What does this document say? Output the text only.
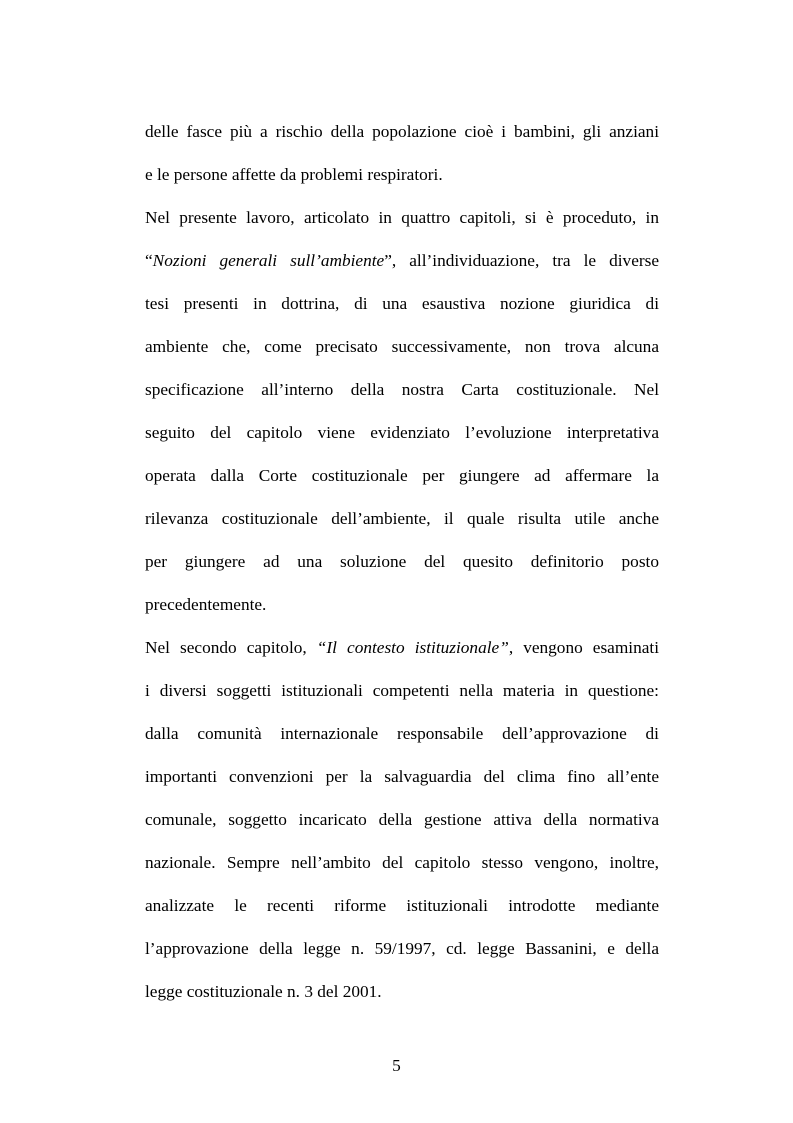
delle fasce più a rischio della popolazione cioè i bambini, gli anziani

e le persone affette da problemi respiratori.

Nel presente lavoro, articolato in quattro capitoli, si è proceduto, in

“Nozioni generali sull’ambiente”, all’individuazione, tra le diverse

tesi presenti in dottrina, di una esaustiva nozione giuridica di

ambiente che, come precisato successivamente, non trova alcuna

specificazione all’interno della nostra Carta costituzionale. Nel

seguito del capitolo viene evidenziato l’evoluzione interpretativa

operata dalla Corte costituzionale per giungere ad affermare la

rilevanza costituzionale dell’ambiente, il quale risulta utile anche

per giungere ad una soluzione del quesito definitorio posto

precedentemente.

Nel secondo capitolo, “Il contesto istituzionale”, vengono esaminati

i diversi soggetti istituzionali competenti nella materia in questione:

dalla comunità internazionale responsabile dell’approvazione di

importanti convenzioni per la salvaguardia del clima fino all’ente

comunale, soggetto incaricato della gestione attiva della normativa

nazionale. Sempre nell’ambito del capitolo stesso vengono, inoltre,

analizzate le recenti riforme istituzionali introdotte mediante

l’approvazione della legge n. 59/1997, cd. legge Bassanini, e della

legge costituzionale n. 3 del 2001.

5
